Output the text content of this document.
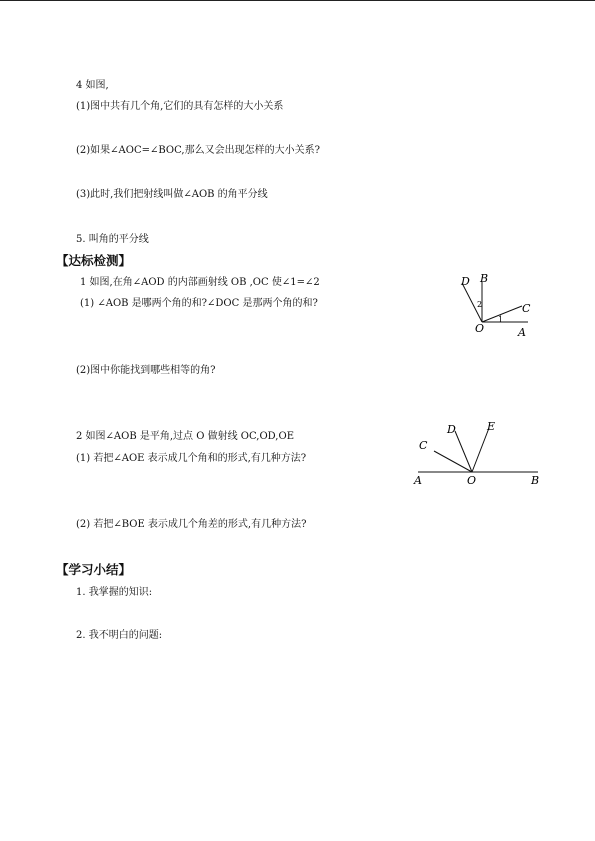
4 如图,
(1)图中共有几个角,它们的具有怎样的大小关系
(2)如果∠AOC=∠BOC,那么又会出现怎样的大小关系?
(3)此时,我们把射线叫做∠AOB 的角平分线
5. 叫角的平分线
【达标检测】
1 如图,在角∠AOD 的内部画射线 OB ,OC 使∠1=∠2
(1) ∠AOB 是哪两个角的和?∠DOC 是那两个角的和?
D B
C
O	A
2
1
(2)图中你能找到哪些相等的角?
2 如图∠AOB 是平角,过点 O 做射线 OC,OD,OE
(1) 若把∠AOE 表示成几个角和的形式,有几种方法?
C
D	E
A	O	B
(2) 若把∠BOE 表示成几个角差的形式,有几种方法?
【学习小结】
1. 我掌握的知识:
2. 我不明白的问题:
